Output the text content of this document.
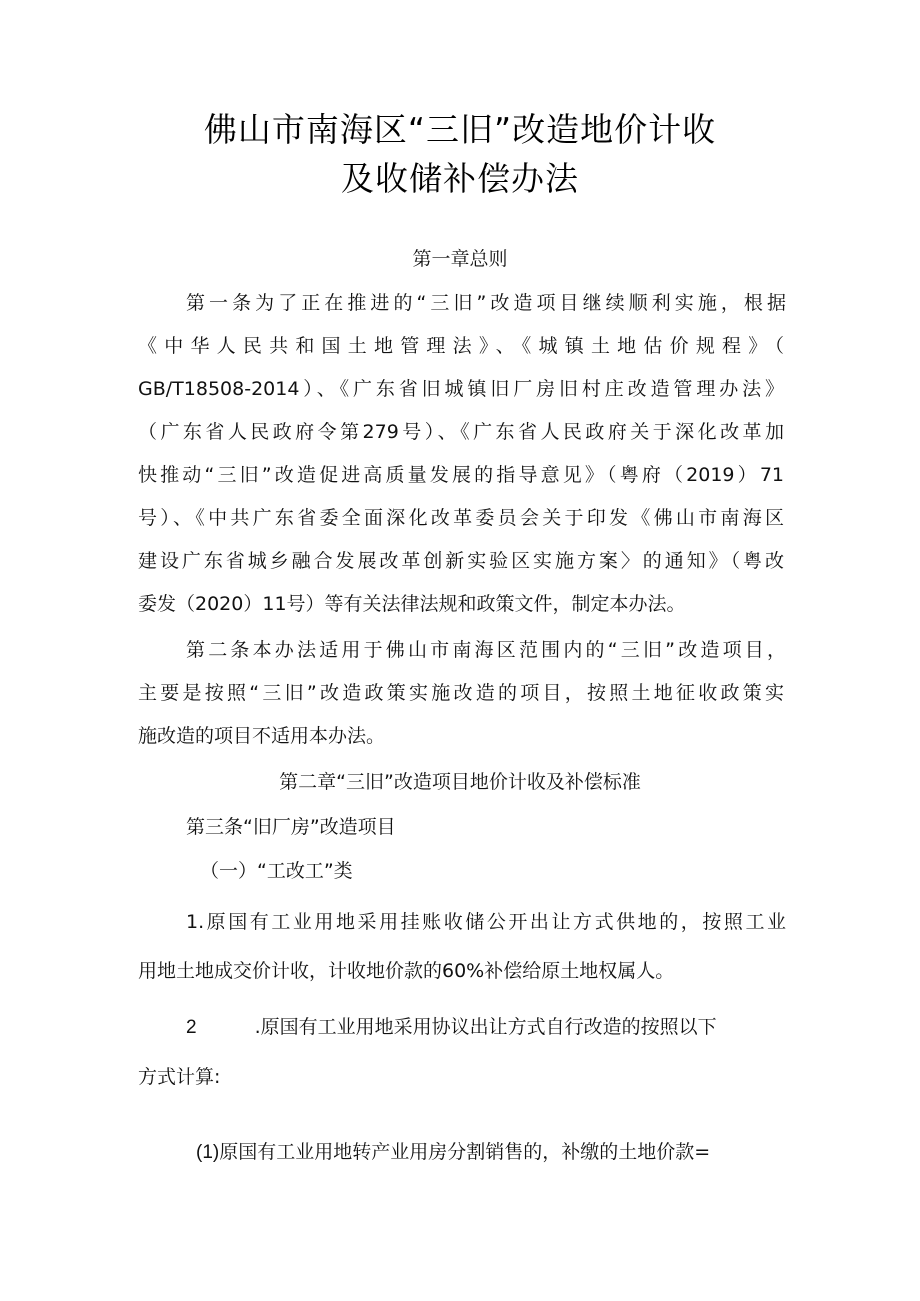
佛山市南海区“三旧”改造地价计收
及收储补偿办法
第一章总则
第一条为了正在推进的“三旧”改造项目继续顺利实施，根据
《中华人民共和国土地管理法》、《城镇土地估价规程》（
GB/T18508-2014）、《广东省旧城镇旧厂房旧村庄改造管理办法》
（广东省人民政府令第279号）、《广东省人民政府关于深化改革加
快推动“三旧”改造促进高质量发展的指导意见》（粤府（2019）71
号）、《中共广东省委全面深化改革委员会关于印发《佛山市南海区
建设广东省城乡融合发展改革创新实验区实施方案〉的通知》（粤改
委发（2020）11号）等有关法律法规和政策文件，制定本办法。
第二条本办法适用于佛山市南海区范围内的“三旧”改造项目，
主要是按照“三旧”改造政策实施改造的项目，按照土地征收政策实
施改造的项目不适用本办法。
第二章“三旧”改造项目地价计收及补偿标准
第三条“旧厂房”改造项目
（一）“工改工”类
1.原国有工业用地采用挂账收储公开出让方式供地的，按照工业
用地土地成交价计收，计收地价款的60%补偿给原土地权属人。
2	.原国有工业用地采用协议出让方式自行改造的按照以下
方式计算:
(1)原国有工业用地转产业用房分割销售的，补缴的土地价款=
